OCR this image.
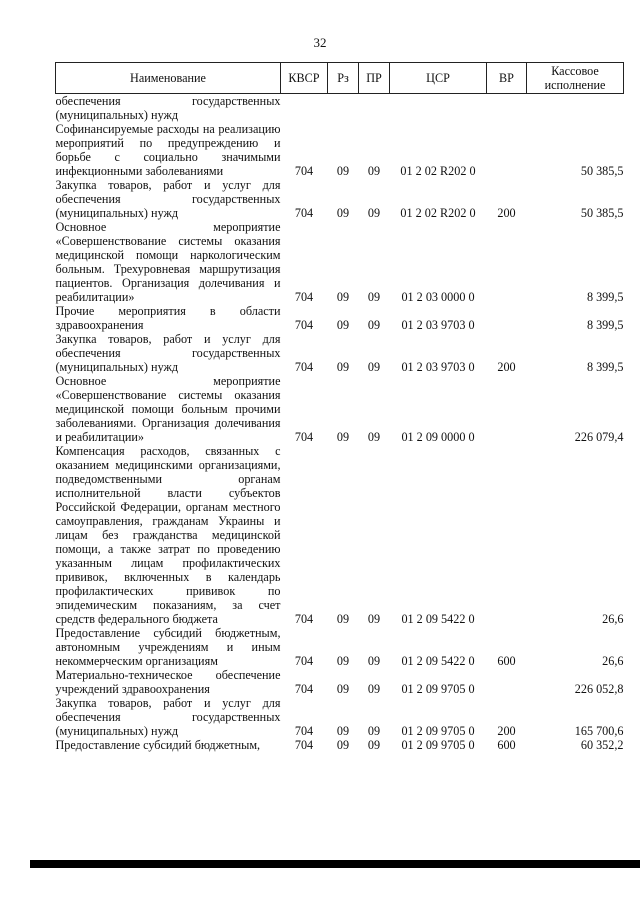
32
Наименование	КВСР	Рз	ПР	ЦСР	ВР	Кассовое исполнение
обеспечения государственных (муниципальных) нужд						
Софинансируемые расходы на реализацию мероприятий по предупреждению и борьбе с социально значимыми инфекционными заболеваниями	704	09	09	01 2 02 R202 0		50 385,5
Закупка товаров, работ и услуг для обеспечения государственных (муниципальных) нужд	704	09	09	01 2 02 R202 0	200	50 385,5
Основное мероприятие «Совершенствование системы оказания медицинской помощи наркологическим больным. Трехуровневая маршрутизация пациентов. Организация долечивания и реабилитации»	704	09	09	01 2 03 0000 0		8 399,5
Прочие мероприятия в области здравоохранения	704	09	09	01 2 03 9703 0		8 399,5
Закупка товаров, работ и услуг для обеспечения государственных (муниципальных) нужд	704	09	09	01 2 03 9703 0	200	8 399,5
Основное мероприятие «Совершенствование системы оказания медицинской помощи больным прочими заболеваниями. Организация долечивания и реабилитации»	704	09	09	01 2 09 0000 0		226 079,4
Компенсация расходов, связанных с оказанием медицинскими организациями, подведомственными органам исполнительной власти субъектов Российской Федерации, органам местного самоуправления, гражданам Украины и лицам без гражданства медицинской помощи, а также затрат по проведению указанным лицам профилактических прививок, включенных в календарь профилактических прививок по эпидемическим показаниям, за счет средств федерального бюджета	704	09	09	01 2 09 5422 0		26,6
Предоставление субсидий бюджетным, автономным учреждениям и иным некоммерческим организациям	704	09	09	01 2 09 5422 0	600	26,6
Материально-техническое обеспечение учреждений здравоохранения	704	09	09	01 2 09 9705 0		226 052,8
Закупка товаров, работ и услуг для обеспечения государственных (муниципальных) нужд	704	09	09	01 2 09 9705 0	200	165 700,6
Предоставление субсидий бюджетным,	704	09	09	01 2 09 9705 0	600	60 352,2
